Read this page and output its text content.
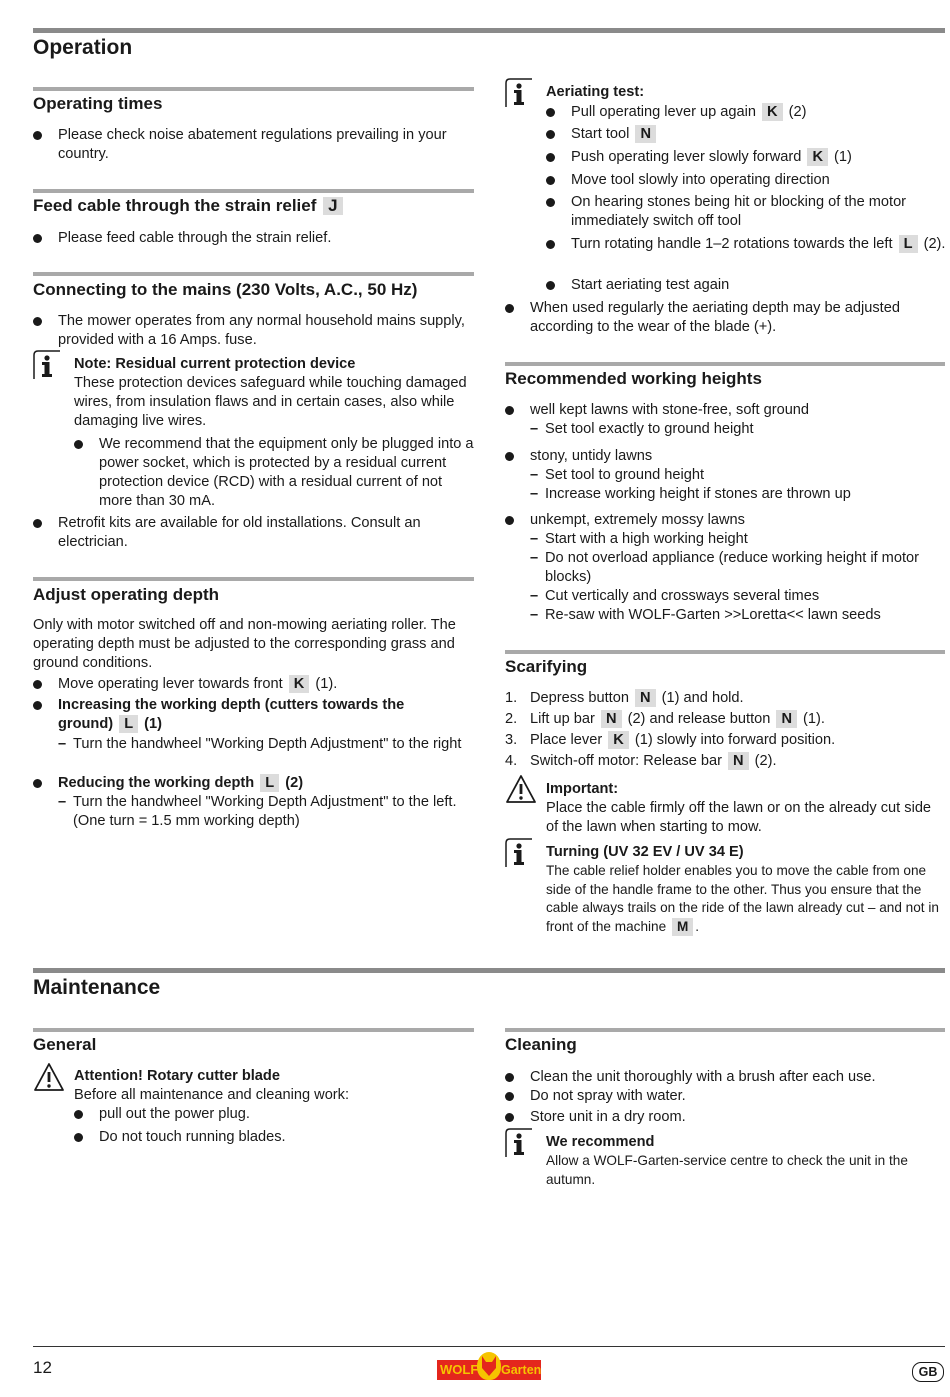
Operation
Operating times
Please check noise abatement regulations prevailing in your country.
Feed cable through the strain relief J
Please feed cable through the strain relief.
Connecting to the mains (230 Volts, A.C., 50 Hz)
The mower operates from any normal household mains supply, provided with a 16 Amps. fuse.
Note: Residual current protection device
These protection devices safeguard while touching damaged wires, from insulation flaws and in certain cases, also while damaging live wires.
We recommend that the equipment only be plugged into a power socket, which is protected by a residual current protection device (RCD) with a residual current of not more than 30 mA.
Retrofit kits are available for old installations. Consult an electrician.
Adjust operating depth
Only with motor switched off and non-mowing aeriating roller. The operating depth must be adjusted to the corresponding grass and ground conditions.
Move operating lever towards front K (1).
Increasing the working depth (cutters towards the
ground) L (1)
– Turn the handwheel "Working Depth Adjustment" to the right
Reducing the working depth L (2)
– Turn the handwheel "Working Depth Adjustment" to the left. (One turn = 1.5 mm working depth)
Aeriating test:
Pull operating lever up again K (2)
Start tool N
Push operating lever slowly forward K (1)
Move tool slowly into operating direction
On hearing stones being hit or blocking of the motor immediately switch off tool
Turn rotating handle 1–2 rotations towards the left L (2).
Start aeriating test again
When used regularly the aeriating depth may be adjusted according to the wear of the blade (+).
Recommended working heights
well kept lawns with stone-free, soft ground
– Set tool exactly to ground height
stony, untidy lawns
– Set tool to ground height
– Increase working height if stones are thrown up
unkempt, extremely mossy lawns
– Start with a high working height
– Do not overload appliance (reduce working height if motor blocks)
– Cut vertically and crossways several times
– Re-saw with WOLF-Garten >>Loretta<< lawn seeds
Scarifying
1. Depress button N (1) and hold.
2. Lift up bar N (2) and release button N (1).
3. Place lever K (1) slowly into forward position.
4. Switch-off motor: Release bar N (2).
Important:
Place the cable firmly off the lawn or on the already cut side of the lawn when starting to mow.
Turning (UV 32 EV / UV 34 E)
The cable relief holder enables you to move the cable from one side of the handle frame to the other. Thus you ensure that the cable always trails on the ride of the lawn already cut – and not in front of the machine M .
Maintenance
General
Attention! Rotary cutter blade
Before all maintenance and cleaning work:
pull out the power plug.
Do not touch running blades.
Cleaning
Clean the unit thoroughly with a brush after each use.
Do not spray with water.
Store unit in a dry room.
We recommend
Allow a WOLF-Garten-service centre to check the unit in the autumn.
12	WOLF Garten	GB
